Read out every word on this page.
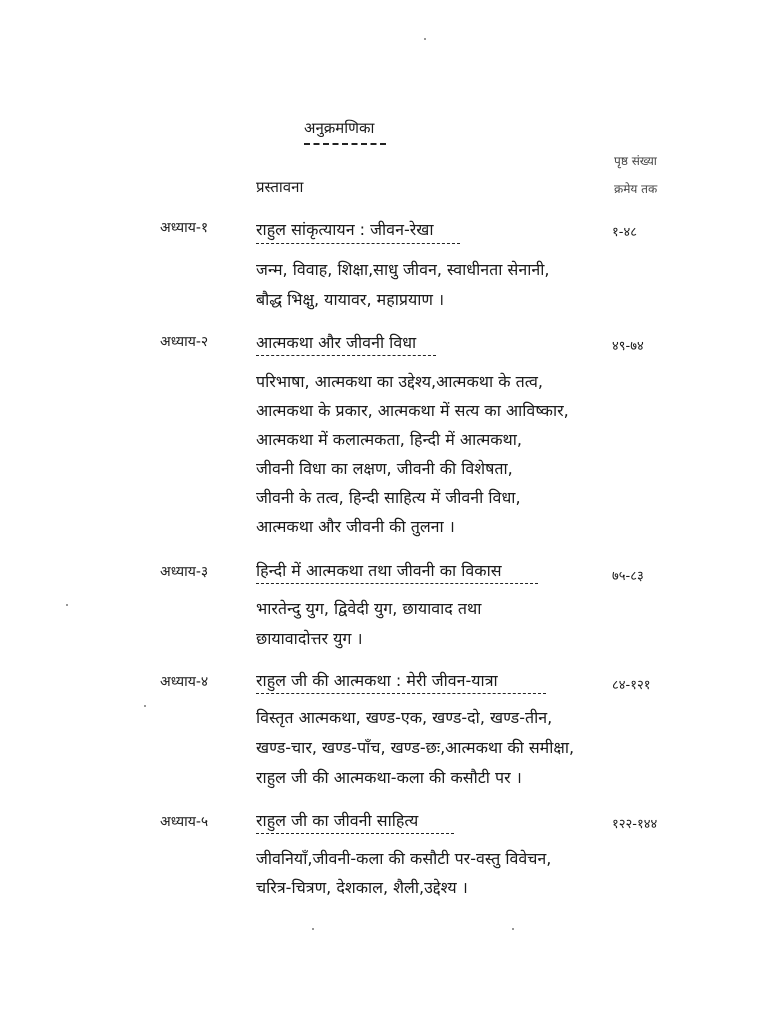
अनुक्रमणिका
पृष्ठ संख्या
क्रमेय तक
प्रस्तावना
अध्याय-१	राहुल सांकृत्यायन : जीवन-रेखा	१-४८
जन्म, विवाह, शिक्षा,साधु जीवन, स्वाधीनता सेनानी,
बौद्ध भिक्षु, यायावर, महाप्रयाण ।
अध्याय-२	आत्मकथा और जीवनी विधा	४९-७४
परिभाषा, आत्मकथा का उद्देश्य,आत्मकथा के तत्व,
आत्मकथा के प्रकार, आत्मकथा में सत्य का आविष्कार,
आत्मकथा में कलात्मकता, हिन्दी में आत्मकथा,
जीवनी विधा का लक्षण, जीवनी की विशेषता,
जीवनी के तत्व, हिन्दी साहित्य में जीवनी विधा,
आत्मकथा और जीवनी की तुलना ।
अध्याय-३	हिन्दी में आत्मकथा तथा जीवनी का विकास	७५-८३
भारतेन्दु युग, द्विवेदी युग, छायावाद तथा
छायावादोत्तर युग ।
अध्याय-४	राहुल जी की आत्मकथा : मेरी जीवन-यात्रा	८४-१२१
विस्तृत आत्मकथा, खण्ड-एक, खण्ड-दो, खण्ड-तीन,
खण्ड-चार, खण्ड-पाँच, खण्ड-छः,आत्मकथा की समीक्षा,
राहुल जी की आत्मकथा-कला की कसौटी पर ।
अध्याय-५	राहुल जी का जीवनी साहित्य	१२२-१४४
जीवनियाँ,जीवनी-कला की कसौटी पर-वस्तु विवेचन,
चरित्र-चित्रण, देशकाल, शैली,उद्देश्य ।
